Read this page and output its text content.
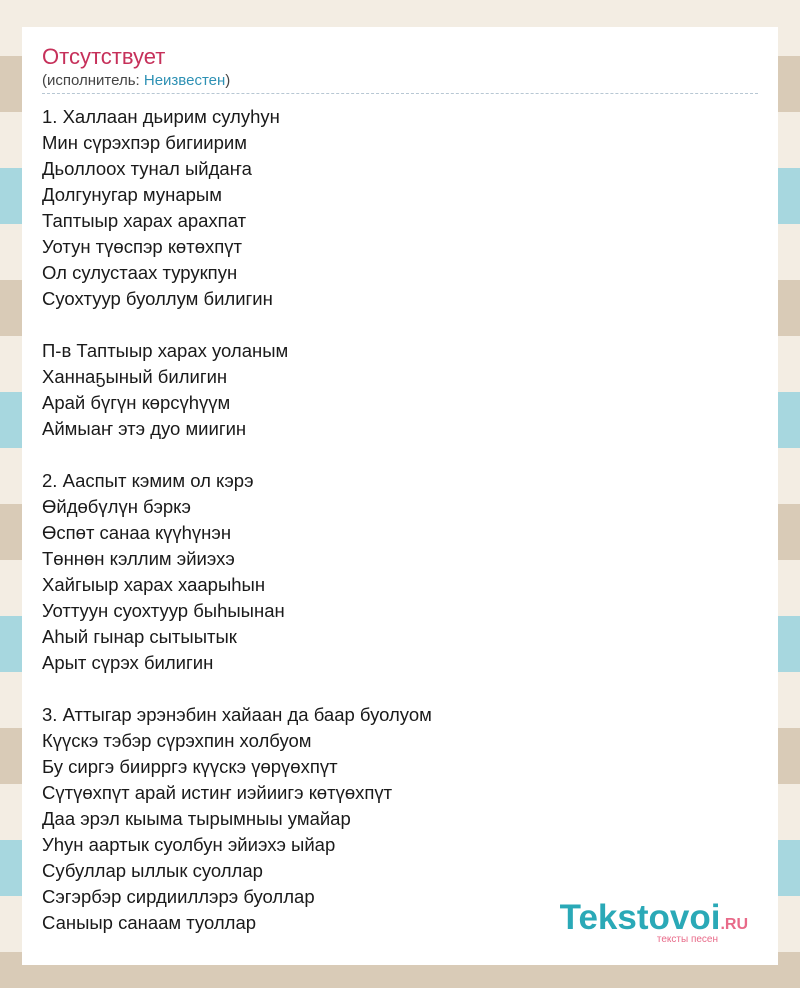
Отсутствует
(исполнитель: Неизвестен)
1. Халлаан дьирим сулуһун
Мин сүрэхпэр бигиирим
Дьоллоох тунал ыйдаҥа
Долгунугар мунарым
Таптыыр харах арахпат
Уотун түөспэр көтөхпүт
Ол сулустаах турукпун
Суохтуур буоллум билигин
П-в Таптыыр харах уоланым
Ханнаҕыный билигин
Арай бүгүн көрсүһүүм
Аймыаҥ этэ дуо миигин
2. Ааспыт кэмим ол кэрэ
Өйдөбүлүн бэркэ
Өспөт санаа күүһүнэн
Төннөн кэллим эйиэхэ
Хайгыыр харах хаарыһын
Уоттуун суохтуур быһыынан
Аһый гынар сытыытык
Арыт сүрэх билигин
3. Аттыгар эрэнэбин хайаан да баар буолуом
Күүскэ тэбэр сүрэхпин холбуом
Бу сиргэ биирргэ күүскэ үөрүөхпүт
Сүтүөхпүт арай истиҥ иэйиигэ көтүөхпүт
Даа эрэл кыыма тырымныы умайар
Уһун аартык суолбун эйиэхэ ыйар
Субуллар ыллык суоллар
Сэгэрбэр сирдииллэрэ буоллар
Саныыр санаам туоллар	Tekstovoi.RU
тексты песен
